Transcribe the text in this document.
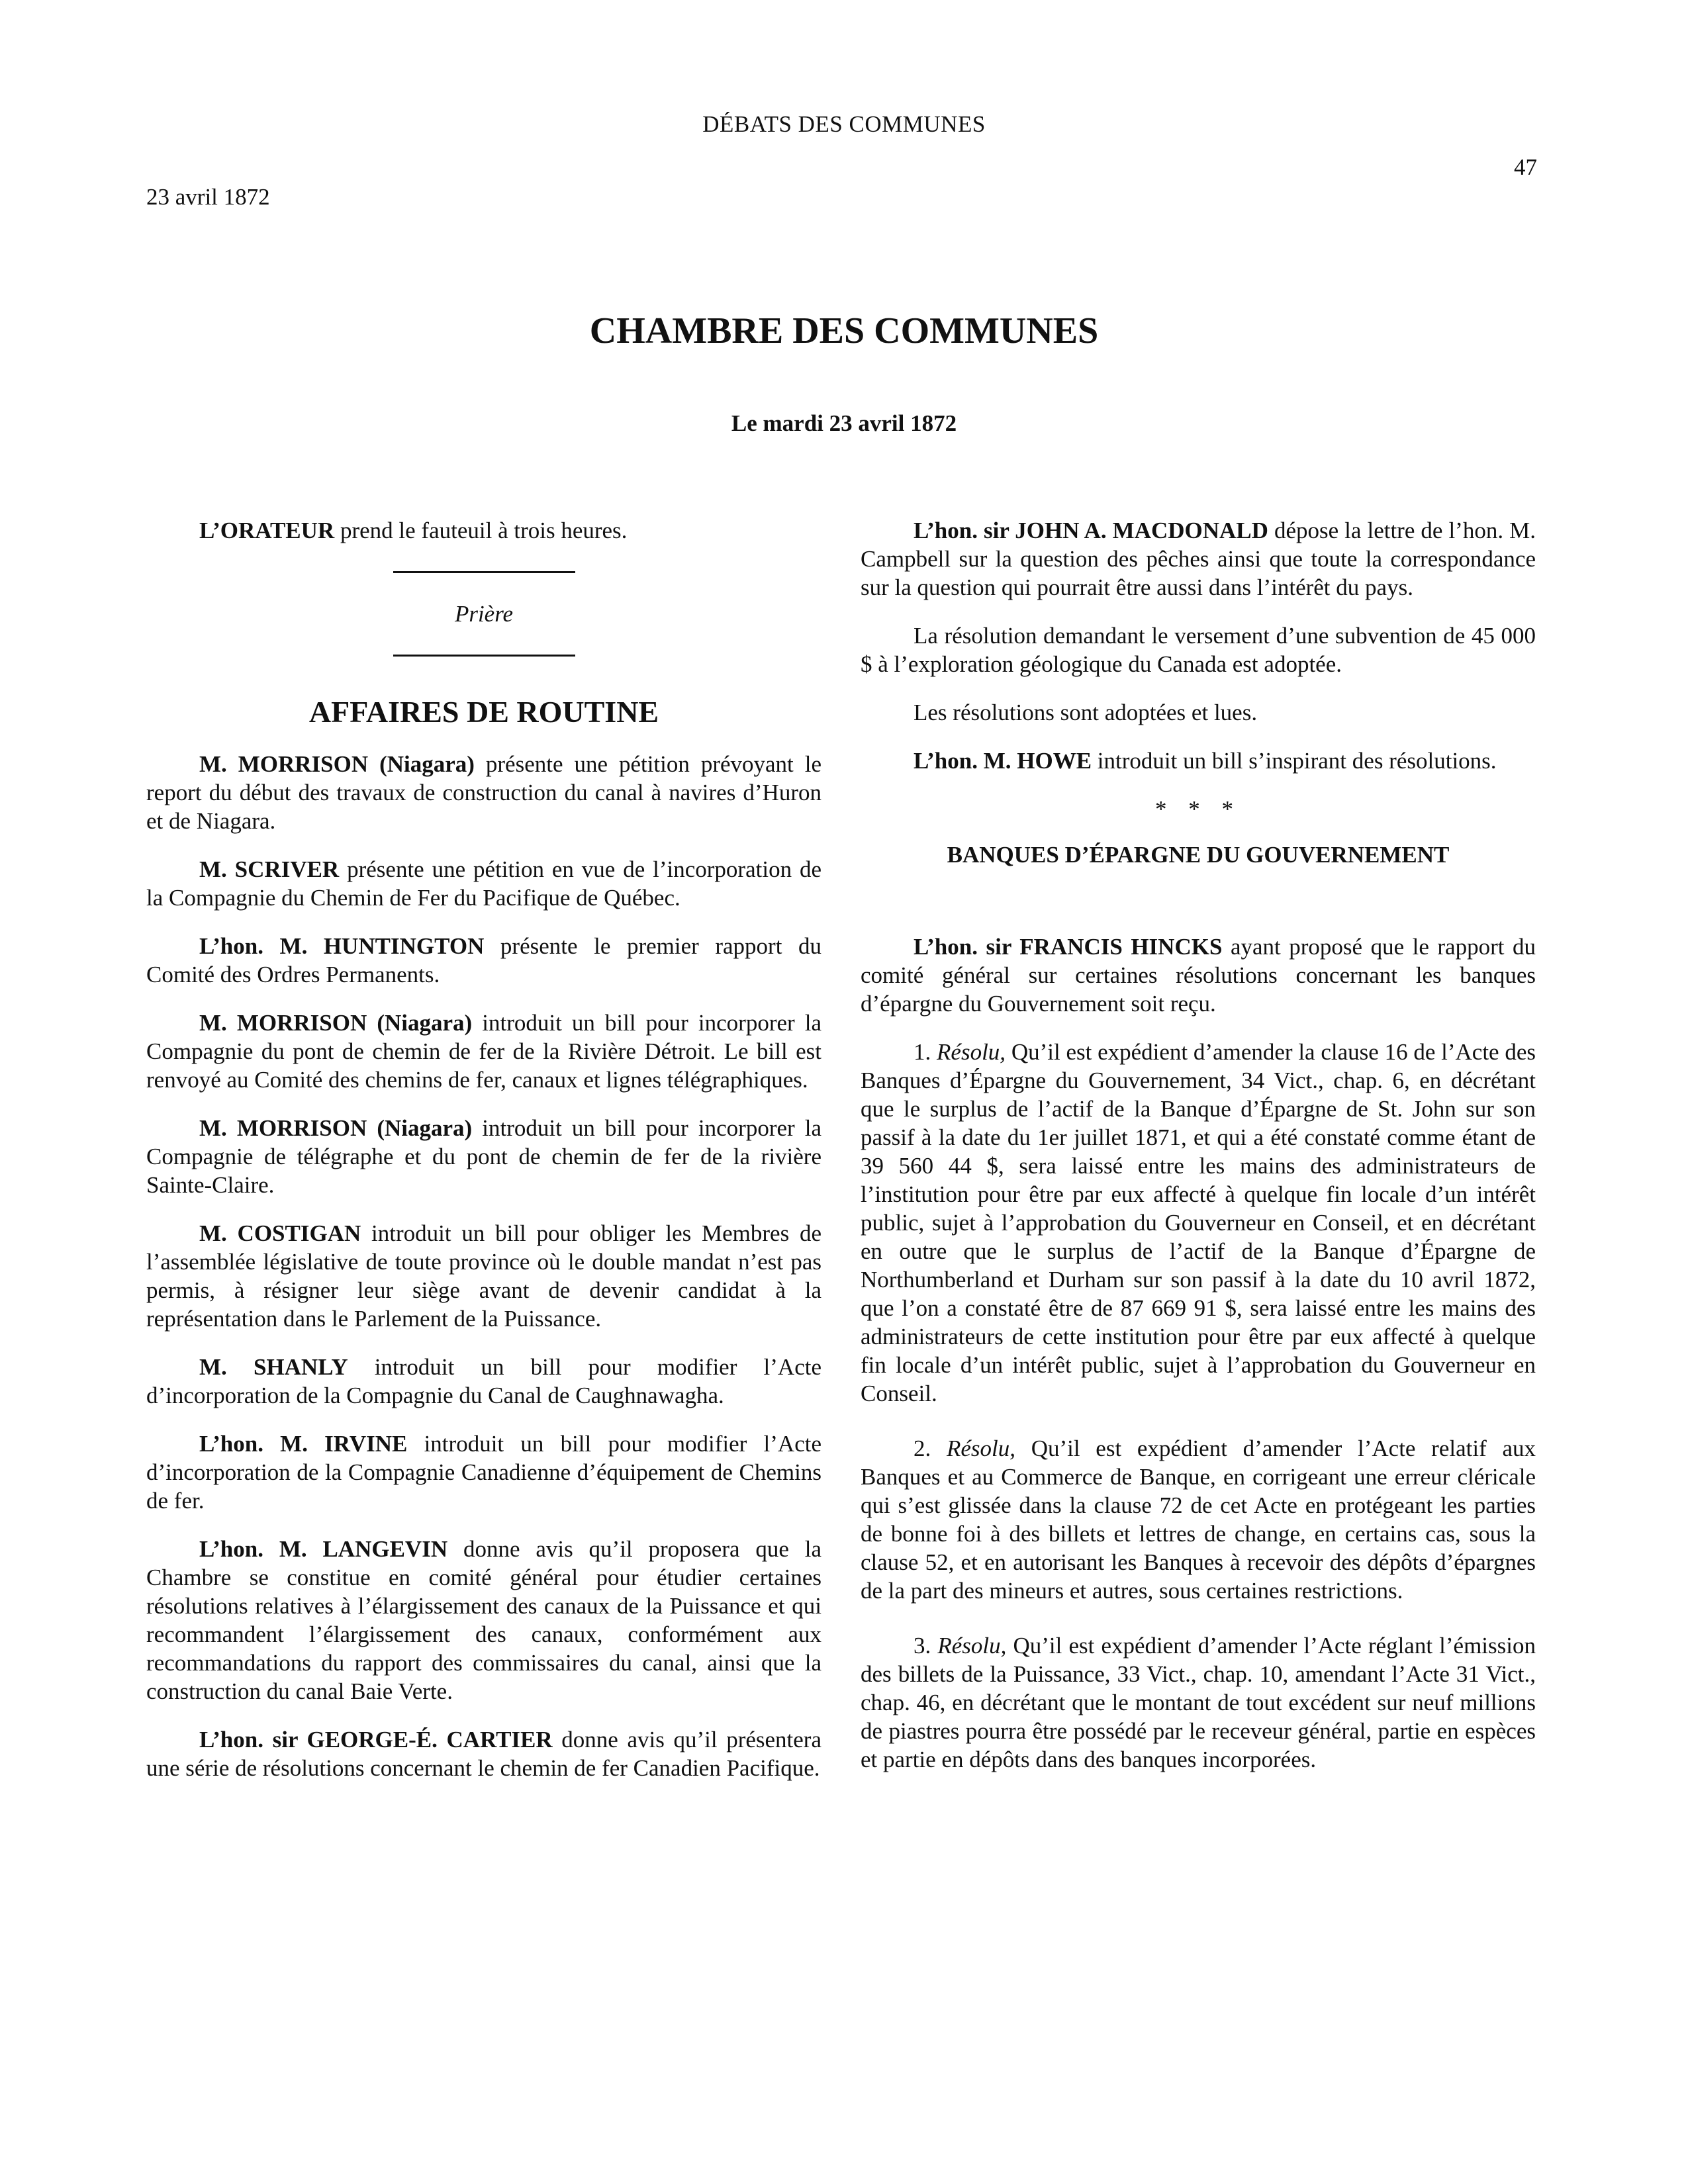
DÉBATS DES COMMUNES
47
23 avril 1872
CHAMBRE DES COMMUNES
Le mardi 23 avril 1872

L’ORATEUR prend le fauteuil à trois heures.

Prière

AFFAIRES DE ROUTINE

M. MORRISON (Niagara) présente une pétition prévoyant le report du début des travaux de construction du canal à navires d’Huron et de Niagara.

M. SCRIVER présente une pétition en vue de l’incorporation de la Compagnie du Chemin de Fer du Pacifique de Québec.

L’hon. M. HUNTINGTON présente le premier rapport du Comité des Ordres Permanents.

M. MORRISON (Niagara) introduit un bill pour incorporer la Compagnie du pont de chemin de fer de la Rivière Détroit. Le bill est renvoyé au Comité des chemins de fer, canaux et lignes télégraphiques.

M. MORRISON (Niagara) introduit un bill pour incorporer la Compagnie de télégraphe et du pont de chemin de fer de la rivière Sainte-Claire.

M. COSTIGAN introduit un bill pour obliger les Membres de l’assemblée législative de toute province où le double mandat n’est pas permis, à résigner leur siège avant de devenir candidat à la représentation dans le Parlement de la Puissance.

M. SHANLY introduit un bill pour modifier l’Acte d’incorporation de la Compagnie du Canal de Caughnawagha.

L’hon. M. IRVINE introduit un bill pour modifier l’Acte d’incorporation de la Compagnie Canadienne d’équipement de Chemins de fer.

L’hon. M. LANGEVIN donne avis qu’il proposera que la Chambre se constitue en comité général pour étudier certaines résolutions relatives à l’élargissement des canaux de la Puissance et qui recommandent l’élargissement des canaux, conformément aux recommandations du rapport des commissaires du canal, ainsi que la construction du canal Baie Verte.

L’hon. sir GEORGE-É. CARTIER donne avis qu’il présentera une série de résolutions concernant le chemin de fer Canadien Pacifique.

L’hon. sir JOHN A. MACDONALD dépose la lettre de l’hon. M. Campbell sur la question des pêches ainsi que toute la correspondance sur la question qui pourrait être aussi dans l’intérêt du pays.

La résolution demandant le versement d’une subvention de 45 000 $ à l’exploration géologique du Canada est adoptée.

Les résolutions sont adoptées et lues.

L’hon. M. HOWE introduit un bill s’inspirant des résolutions.

* * *
BANQUES D’ÉPARGNE DU GOUVERNEMENT

L’hon. sir FRANCIS HINCKS ayant proposé que le rapport du comité général sur certaines résolutions concernant les banques d’épargne du Gouvernement soit reçu.

1. Résolu, Qu’il est expédient d’amender la clause 16 de l’Acte des Banques d’Épargne du Gouvernement, 34 Vict., chap. 6, en décrétant que le surplus de l’actif de la Banque d’Épargne de St. John sur son passif à la date du 1er juillet 1871, et qui a été constaté comme étant de 39 560 44 $, sera laissé entre les mains des administrateurs de l’institution pour être par eux affecté à quelque fin locale d’un intérêt public, sujet à l’approbation du Gouverneur en Conseil, et en décrétant en outre que le surplus de l’actif de la Banque d’Épargne de Northumberland et Durham sur son passif à la date du 10 avril 1872, que l’on a constaté être de 87 669 91 $, sera laissé entre les mains des administrateurs de cette institution pour être par eux affecté à quelque fin locale d’un intérêt public, sujet à l’approbation du Gouverneur en Conseil.

2. Résolu, Qu’il est expédient d’amender l’Acte relatif aux Banques et au Commerce de Banque, en corrigeant une erreur cléricale qui s’est glissée dans la clause 72 de cet Acte en protégeant les parties de bonne foi à des billets et lettres de change, en certains cas, sous la clause 52, et en autorisant les Banques à recevoir des dépôts d’épargnes de la part des mineurs et autres, sous certaines restrictions.

3. Résolu, Qu’il est expédient d’amender l’Acte réglant l’émission des billets de la Puissance, 33 Vict., chap. 10, amendant l’Acte 31 Vict., chap. 46, en décrétant que le montant de tout excédent sur neuf millions de piastres pourra être possédé par le receveur général, partie en espèces et partie en dépôts dans des banques incorporées.
